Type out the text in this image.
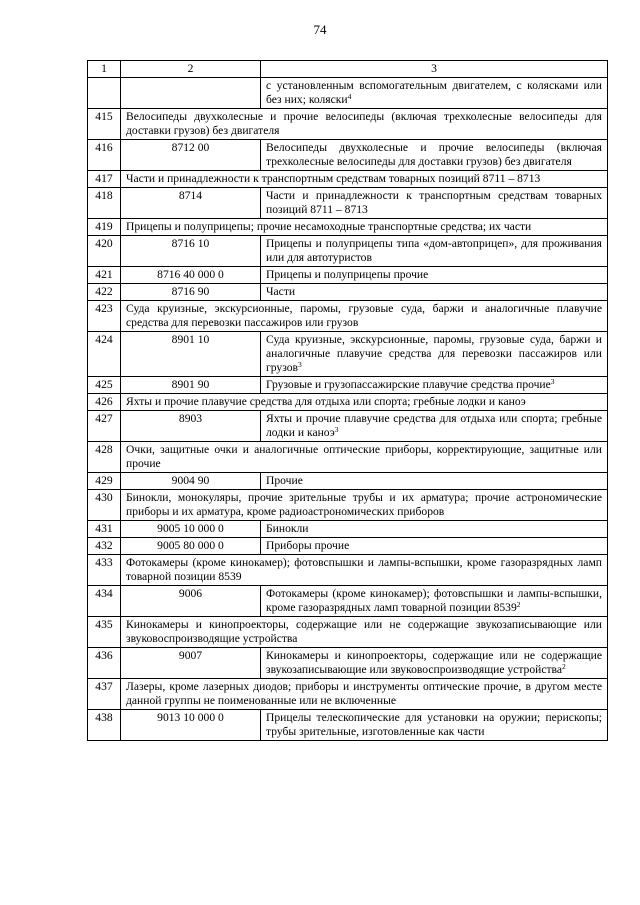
74
1	2	3
		с установленным вспомогательным двигателем, с колясками или без них; коляски$^4$
415	Велосипеды двухколесные и прочие велосипеды (включая трехколесные велосипеды для доставки грузов) без двигателя	
416	8712 00	Велосипеды двухколесные и прочие велосипеды (включая трехколесные велосипеды для доставки грузов) без двигателя
417	Части и принадлежности к транспортным средствам товарных позиций 8711 – 8713	
418	8714	Части и принадлежности к транспортным средствам товарных позиций 8711 – 8713
419	Прицепы и полуприцепы; прочие несамоходные транспортные средства; их части	
420	8716 10	Прицепы и полуприцепы типа «дом-автоприцеп», для проживания или для автотуристов
421	8716 40 000 0	Прицепы и полуприцепы прочие
422	8716 90	Части
423	Суда круизные, экскурсионные, паромы, грузовые суда, баржи и аналогичные плавучие средства для перевозки пассажиров или грузов	
424	8901 10	Суда круизные, экскурсионные, паромы, грузовые суда, баржи и аналогичные плавучие средства для перевозки пассажиров или грузов$^3$
425	8901 90	Грузовые и грузопассажирские плавучие средства прочие$^3$
426	Яхты и прочие плавучие средства для отдыха или спорта; гребные лодки и каноэ	
427	8903	Яхты и прочие плавучие средства для отдыха или спорта; гребные лодки и каноэ$^3$
428	Очки, защитные очки и аналогичные оптические приборы, корректирующие, защитные или прочие	
429	9004 90	Прочие
430	Бинокли, монокуляры, прочие зрительные трубы и их арматура; прочие астрономические приборы и их арматура, кроме радиоастрономических приборов	
431	9005 10 000 0	Бинокли
432	9005 80 000 0	Приборы прочие
433	Фотокамеры (кроме кинокамер); фотовспышки и лампы-вспышки, кроме газоразрядных ламп товарной позиции 8539	
434	9006	Фотокамеры (кроме кинокамер); фотовспышки и лампы-вспышки, кроме газоразрядных ламп товарной позиции 8539$^2$
435	Кинокамеры и кинопроекторы, содержащие или не содержащие звукозаписывающие или звуковоспроизводящие устройства	
436	9007	Кинокамеры и кинопроекторы, содержащие или не содержащие звукозаписывающие или звуковоспроизводящие устройства$^2$
437	Лазеры, кроме лазерных диодов; приборы и инструменты оптические прочие, в другом месте данной группы не поименованные или не включенные	
438	9013 10 000 0	Прицелы телескопические для установки на оружии; перископы; трубы зрительные, изготовленные как части
